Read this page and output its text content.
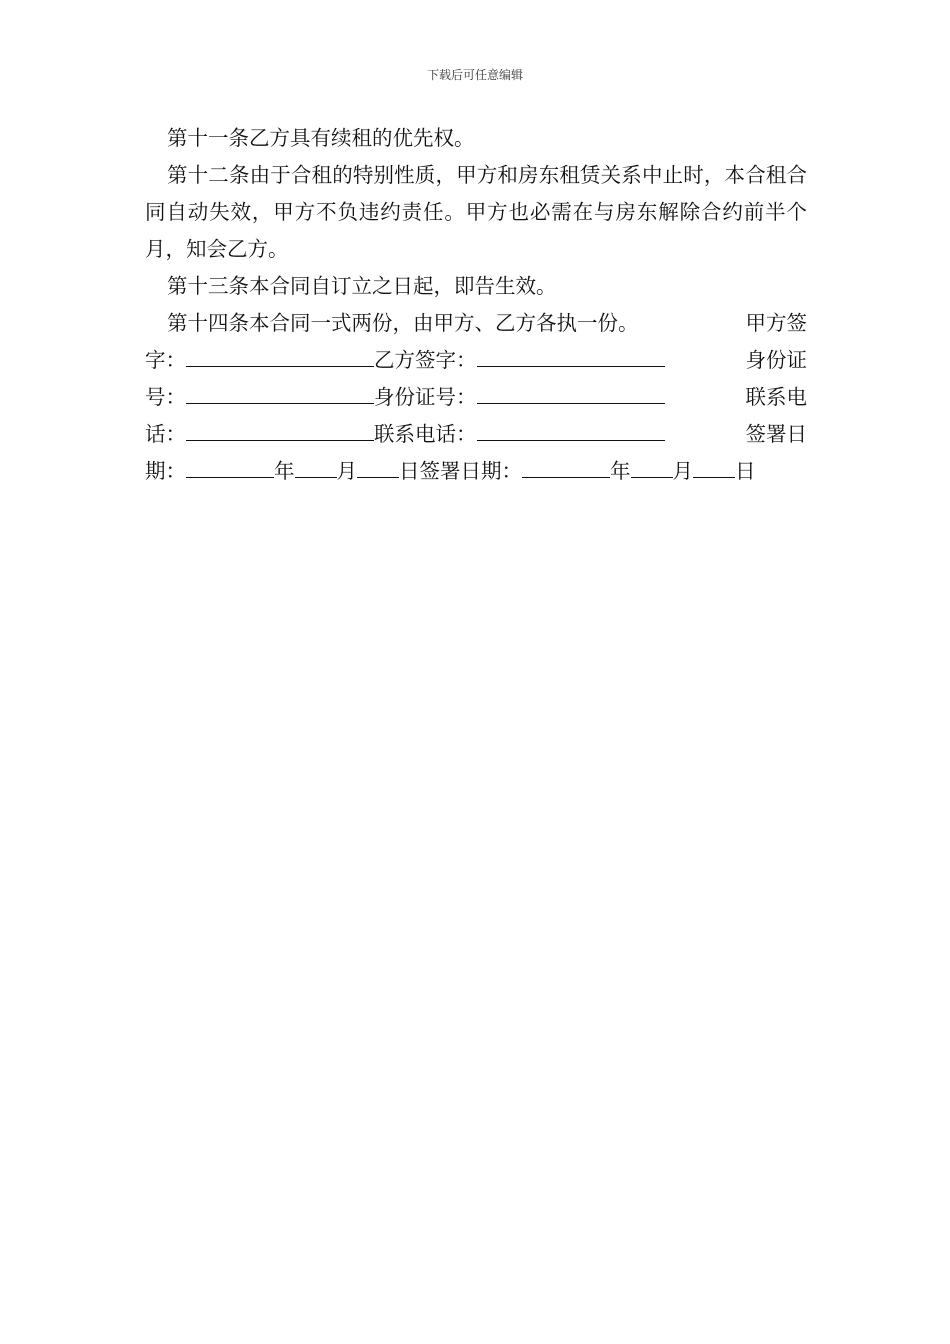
下载后可任意编辑

第十一条乙方具有续租的优先权。

第十二条由于合租的特别性质，甲方和房东租赁关系中止时，本合租合同自动失效，甲方不负违约责任。甲方也必需在与房东解除合约前半个月，知会乙方。

第十三条本合同自订立之日起，即告生效。

第十四条本合同一式两份，由甲方、乙方各执一份。	甲方签
字：	乙方签字：	身份证
号：	身份证号：	联系电
话：	联系电话：	签署日
期：	年 月 日签署日期：	年 月 日
